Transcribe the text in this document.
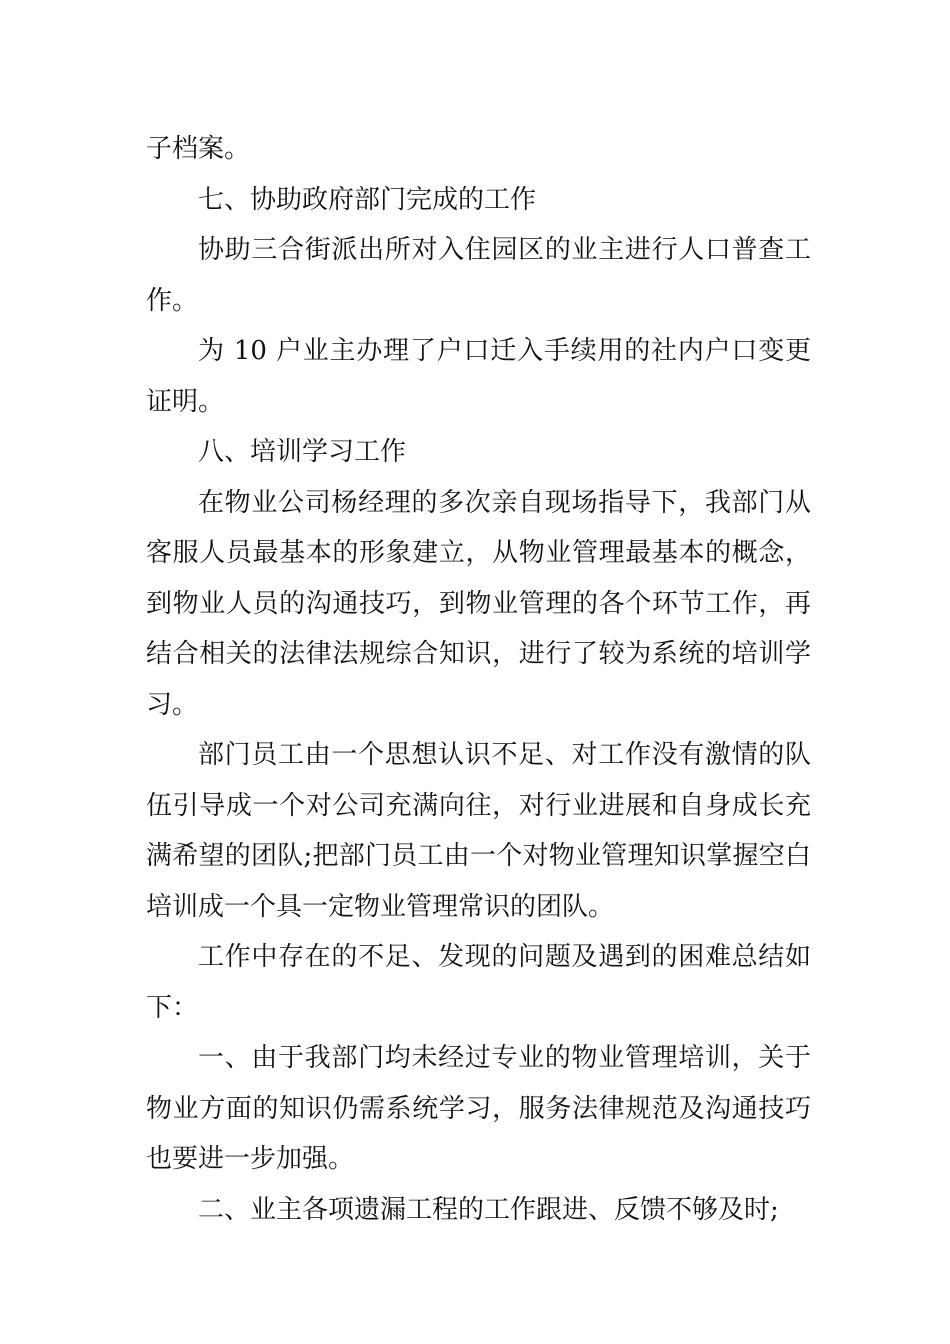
子档案。

七、协助政府部门完成的工作

协助三合街派出所对入住园区的业主进行人口普查工作。

为 10 户业主办理了户口迁入手续用的社内户口变更证明。

八、培训学习工作

在物业公司杨经理的多次亲自现场指导下，我部门从客服人员最基本的形象建立，从物业管理最基本的概念，到物业人员的沟通技巧，到物业管理的各个环节工作，再结合相关的法律法规综合知识，进行了较为系统的培训学习。

部门员工由一个思想认识不足、对工作没有激情的队伍引导成一个对公司充满向往，对行业进展和自身成长充满希望的团队;把部门员工由一个对物业管理知识掌握空白培训成一个具一定物业管理常识的团队。

工作中存在的不足、发现的问题及遇到的困难总结如下：

一、由于我部门均未经过专业的物业管理培训，关于物业方面的知识仍需系统学习，服务法律规范及沟通技巧也要进一步加强。

二、业主各项遗漏工程的工作跟进、反馈不够及时;
